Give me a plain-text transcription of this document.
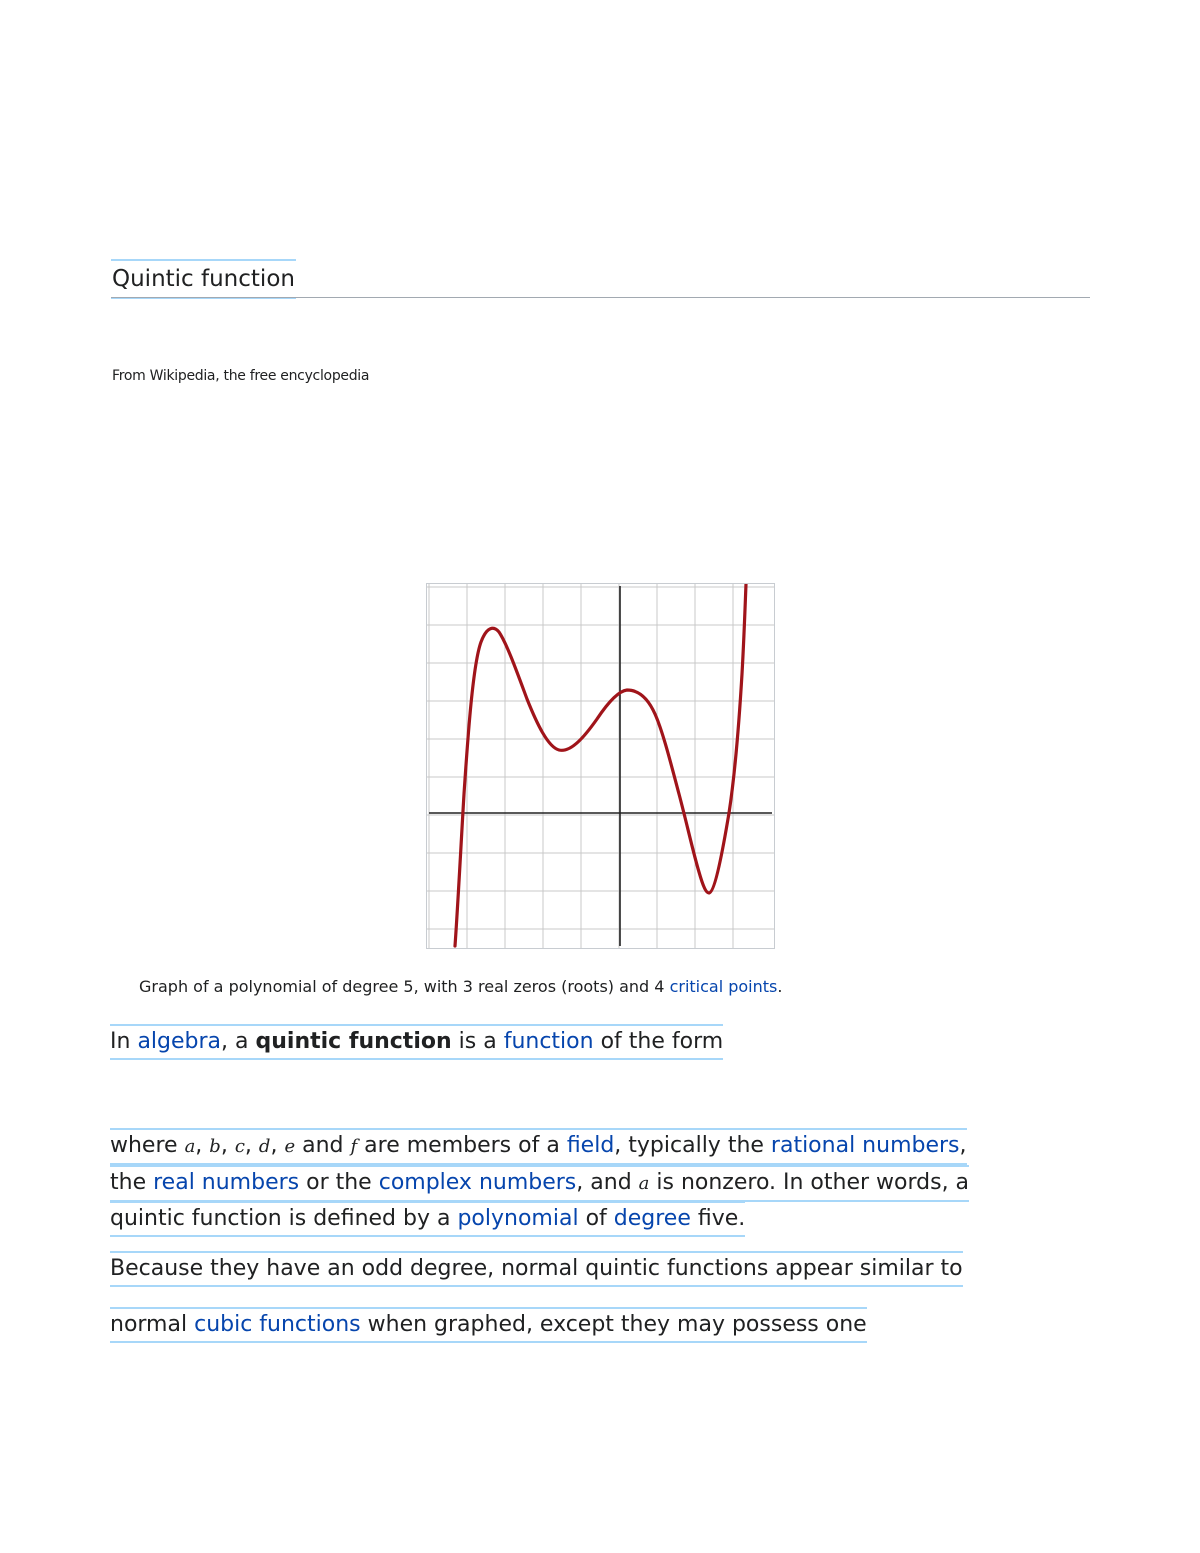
Quintic function
From Wikipedia, the free encyclopedia
Graph of a polynomial of degree 5, with 3 real zeros (roots) and 4 critical points.
In algebra, a quintic function is a function of the form
where a, b, c, d, e and f are members of a field, typically the rational numbers,
the real numbers or the complex numbers, and a is nonzero. In other words, a
quintic function is defined by a polynomial of degree five.
Because they have an odd degree, normal quintic functions appear similar to
normal cubic functions when graphed, except they may possess one
